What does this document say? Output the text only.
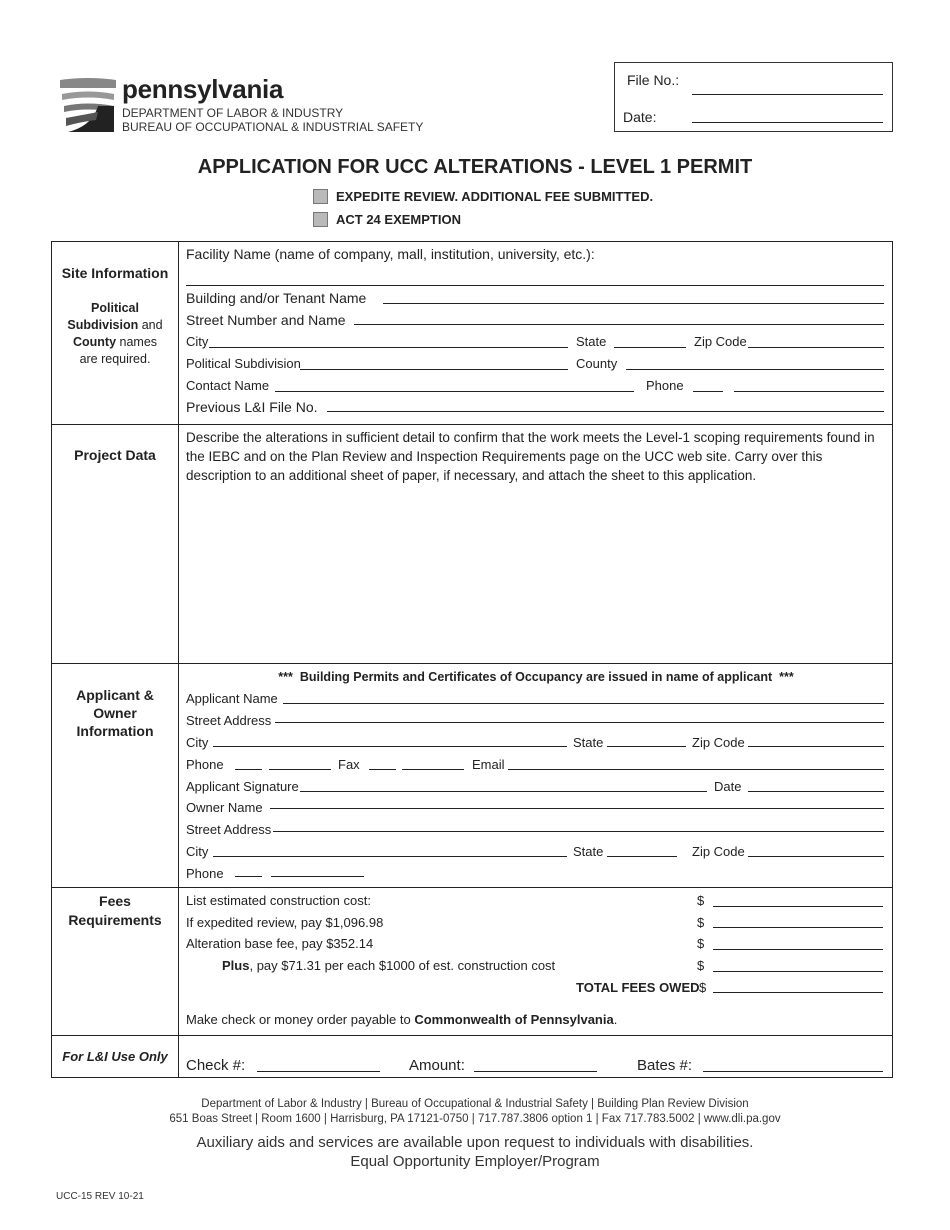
pennsylvania
DEPARTMENT OF LABOR & INDUSTRY
BUREAU OF OCCUPATIONAL & INDUSTRIAL SAFETY
File No.:
Date:
APPLICATION FOR UCC ALTERATIONS - LEVEL 1 PERMIT
EXPEDITE REVIEW. ADDITIONAL FEE SUBMITTED.
ACT 24 EXEMPTION
Site Information
Political
Subdivision and
County names
are required.
Facility Name (name of company, mall, institution, university, etc.):
Building and/or Tenant Name
Street Number and Name
City	State	Zip Code
Political Subdivision	County
Contact Name	Phone
Previous L&I File No.
Project Data
Describe the alterations in sufficient detail to confirm that the work meets the Level-1 scoping requirements found in the IEBC and on the Plan Review and Inspection Requirements page on the UCC web site. Carry over this description to an additional sheet of paper, if necessary, and attach the sheet to this application.
Applicant &
Owner
Information
***  Building Permits and Certificates of Occupancy are issued in name of applicant  ***
Applicant Name
Street Address
City	State	Zip Code
Phone	Fax	Email
Applicant Signature	Date
Owner Name
Street Address
City	State	Zip Code
Phone
Fees
Requirements
List estimated construction cost:	$
If expedited review, pay $1,096.98	$
Alteration base fee, pay $352.14	$
Plus, pay $71.31 per each $1000 of est. construction cost	$
TOTAL FEES OWED $
Make check or money order payable to Commonwealth of Pennsylvania.
For L&I Use Only
Check #:	Amount:	Bates #:
Department of Labor & Industry | Bureau of Occupational & Industrial Safety | Building Plan Review Division
651 Boas Street | Room 1600 | Harrisburg, PA 17121-0750 | 717.787.3806 option 1 | Fax 717.783.5002 | www.dli.pa.gov
Auxiliary aids and services are available upon request to individuals with disabilities.
Equal Opportunity Employer/Program
UCC-15 REV 10-21
